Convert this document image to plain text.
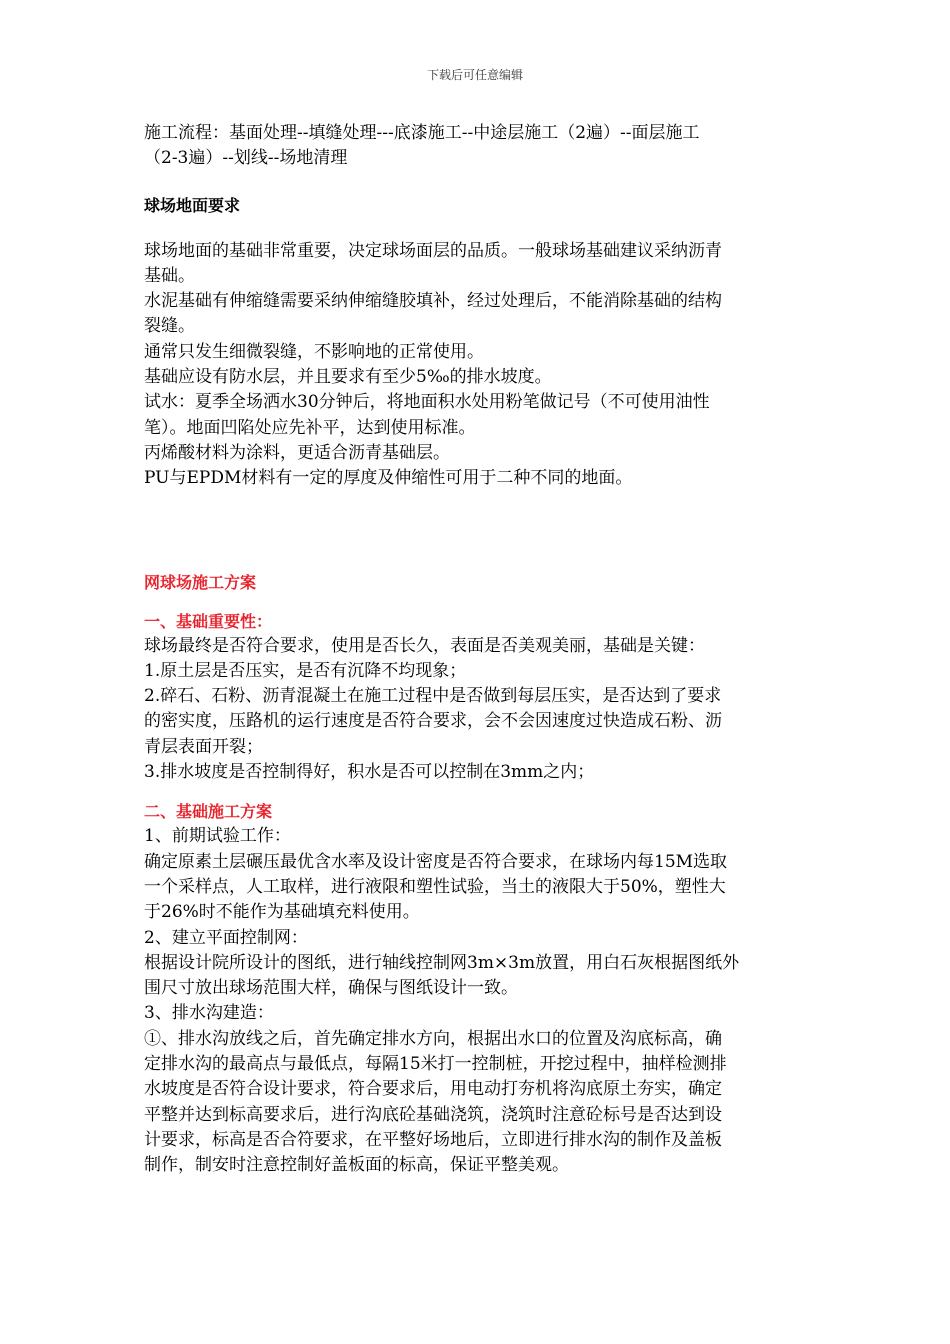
下载后可任意编辑
施工流程：基面处理--填缝处理---底漆施工--中途层施工（2遍）--面层施工
（2-3遍）--划线--场地清理
球场地面要求
球场地面的基础非常重要，决定球场面层的品质。一般球场基础建议采纳沥青
基础。
水泥基础有伸缩缝需要采纳伸缩缝胶填补，经过处理后，不能消除基础的结构
裂缝。
通常只发生细微裂缝，不影响地的正常使用。
基础应设有防水层，并且要求有至少5‰的排水坡度。
试水：夏季全场洒水30分钟后，将地面积水处用粉笔做记号（不可使用油性
笔）。地面凹陷处应先补平，达到使用标准。
丙烯酸材料为涂料，更适合沥青基础层。
PU与EPDM材料有一定的厚度及伸缩性可用于二种不同的地面。
网球场施工方案
一、基础重要性：
球场最终是否符合要求，使用是否长久，表面是否美观美丽，基础是关键：
1.原土层是否压实，是否有沉降不均现象；
2.碎石、石粉、沥青混凝土在施工过程中是否做到每层压实，是否达到了要求
的密实度，压路机的运行速度是否符合要求，会不会因速度过快造成石粉、沥
青层表面开裂；
3.排水坡度是否控制得好，积水是否可以控制在3mm之内；
二、基础施工方案
1、前期试验工作：
确定原素土层碾压最优含水率及设计密度是否符合要求，在球场内每15M选取
一个采样点，人工取样，进行液限和塑性试验，当土的液限大于50%，塑性大
于26%时不能作为基础填充料使用。
2、建立平面控制网：
根据设计院所设计的图纸，进行轴线控制网3m×3m放置，用白石灰根据图纸外
围尺寸放出球场范围大样，确保与图纸设计一致。
3、排水沟建造：
①、排水沟放线之后，首先确定排水方向，根据出水口的位置及沟底标高，确
定排水沟的最高点与最低点，每隔15米打一控制桩，开挖过程中，抽样检测排
水坡度是否符合设计要求，符合要求后，用电动打夯机将沟底原土夯实，确定
平整并达到标高要求后，进行沟底砼基础浇筑，浇筑时注意砼标号是否达到设
计要求，标高是否合符要求，在平整好场地后，立即进行排水沟的制作及盖板
制作，制安时注意控制好盖板面的标高，保证平整美观。
